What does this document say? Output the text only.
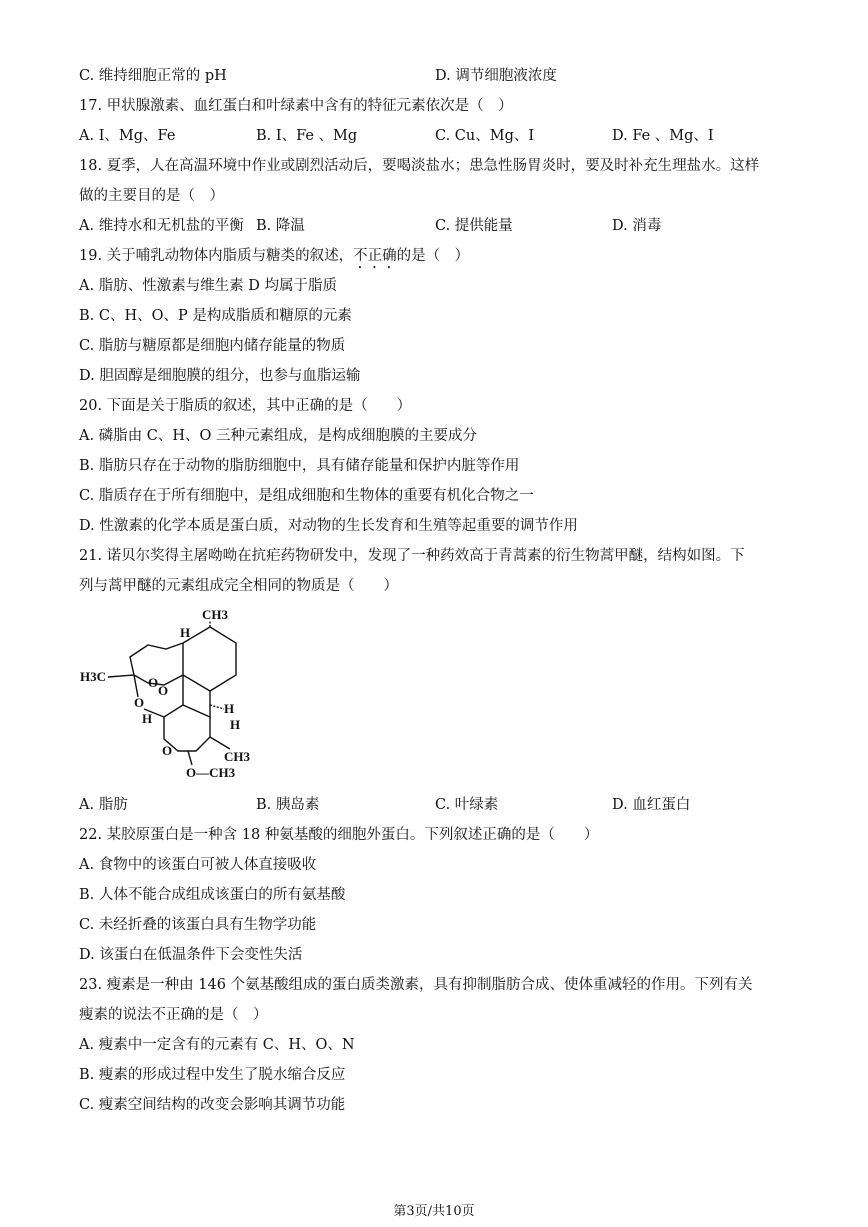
C. 维持细胞正常的 pH	D. 调节细胞液浓度
17. 甲状腺激素、血红蛋白和叶绿素中含有的特征元素依次是（　）
A. I、Mg、Fe	B. I、Fe 、Mg	C. Cu、Mg、I	D. Fe 、Mg、I
18. 夏季，人在高温环境中作业或剧烈活动后，要喝淡盐水；患急性肠胃炎时，要及时补充生理盐水。这样
做的主要目的是（　）
A. 维持水和无机盐的平衡 B. 降温	C. 提供能量	D. 消毒
19. 关于哺乳动物体内脂质与糖类的叙述，不正确的是（　）
A. 脂肪、性激素与维生素 D 均属于脂质
B. C、H、O、P 是构成脂质和糖原的元素
C. 脂肪与糖原都是细胞内储存能量的物质
D. 胆固醇是细胞膜的组分，也参与血脂运输
20. 下面是关于脂质的叙述，其中正确的是（　　）
A. 磷脂由 C、H、O 三种元素组成，是构成细胞膜的主要成分
B. 脂肪只存在于动物的脂肪细胞中，具有储存能量和保护内脏等作用
C. 脂质存在于所有细胞中，是组成细胞和生物体的重要有机化合物之一
D. 性激素的化学本质是蛋白质，对动物的生长发育和生殖等起重要的调节作用
21. 诺贝尔奖得主屠呦呦在抗疟药物研发中，发现了一种药效高于青蒿素的衍生物蒿甲醚，结构如图。下
列与蒿甲醚的元素组成完全相同的物质是（　　）
CH3
H
O
O
H3C
O
H
H
H
O	CH3
O—CH3
A. 脂肪	B. 胰岛素	C. 叶绿素	D. 血红蛋白
22. 某胶原蛋白是一种含 18 种氨基酸的细胞外蛋白。下列叙述正确的是（　　）
A. 食物中的该蛋白可被人体直接吸收
B. 人体不能合成组成该蛋白的所有氨基酸
C. 未经折叠的该蛋白具有生物学功能
D. 该蛋白在低温条件下会变性失活
23. 瘦素是一种由 146 个氨基酸组成的蛋白质类激素，具有抑制脂肪合成、使体重减轻的作用。下列有关
瘦素的说法不正确的是（　）
A. 瘦素中一定含有的元素有 C、H、O、N
B. 瘦素的形成过程中发生了脱水缩合反应
C. 瘦素空间结构的改变会影响其调节功能
第3页/共10页
